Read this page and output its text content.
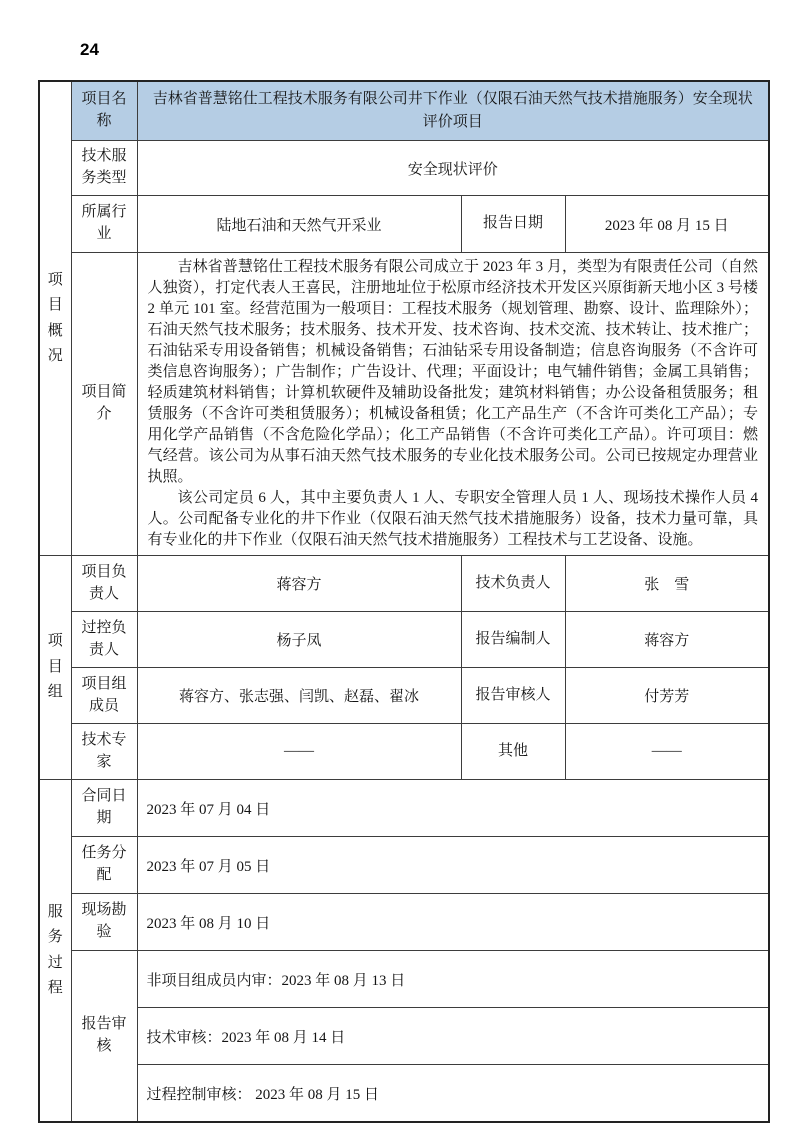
24
项目概况	项目名称	吉林省普慧铭仕工程技术服务有限公司井下作业（仅限石油天然气技术措施服务）安全现状评价项目		
	技术服务类型	安全现状评价		
	所属行业	陆地石油和天然气开采业	报告日期	2023 年 08 月 15 日
	项目简介	吉林省普慧铭仕工程技术服务有限公司成立于 2023 年 3 月，类型为有限责任公司（自然人独资），打定代表人王喜民，注册地址位于松原市经济技术开发区兴原街新天地小区 3 号楼 2 单元 101 室。经营范围为一般项目：工程技术服务（规划管理、勘察、设计、监理除外）；石油天然气技术服务；技术服务、技术开发、技术咨询、技术交流、技术转让、技术推广；石油钻采专用设备销售；机械设备销售；石油钻采专用设备制造；信息咨询服务（不含许可类信息咨询服务）；广告制作；广告设计、代理；平面设计；电气辅件销售；金属工具销售；轻质建筑材料销售；计算机软硬件及辅助设备批发；建筑材料销售；办公设备租赁服务；租赁服务（不含许可类租赁服务）；机械设备租赁；化工产品生产（不含许可类化工产品）；专用化学产品销售（不含危险化学品）；化工产品销售（不含许可类化工产品）。许可项目：燃气经营。该公司为从事石油天然气技术服务的专业化技术服务公司。公司已按规定办理营业执照。

该公司定员 6 人，其中主要负责人 1 人、专职安全管理人员 1 人、现场技术操作人员 4 人。公司配备专业化的井下作业（仅限石油天然气技术措施服务）设备，技术力量可靠，具有专业化的井下作业（仅限石油天然气技术措施服务）工程技术与工艺设备、设施。		

项目组	项目负责人	蒋容方	技术负责人	张　雪
	过控负责人	杨子凤	报告编制人	蒋容方
	项目组成员	蒋容方、张志强、闫凯、赵磊、翟冰	报告审核人	付芳芳
	技术专家	——	其他	——
服务过程	合同日期	2023 年 07 月 04 日		
	任务分配	2023 年 07 月 05 日		
	现场勘验	2023 年 08 月 10 日		
	报告审核	非项目组成员内审：2023 年 08 月 13 日		
		技术审核：2023 年 08 月 14 日		
		过程控制审核： 2023 年 08 月 15 日		
